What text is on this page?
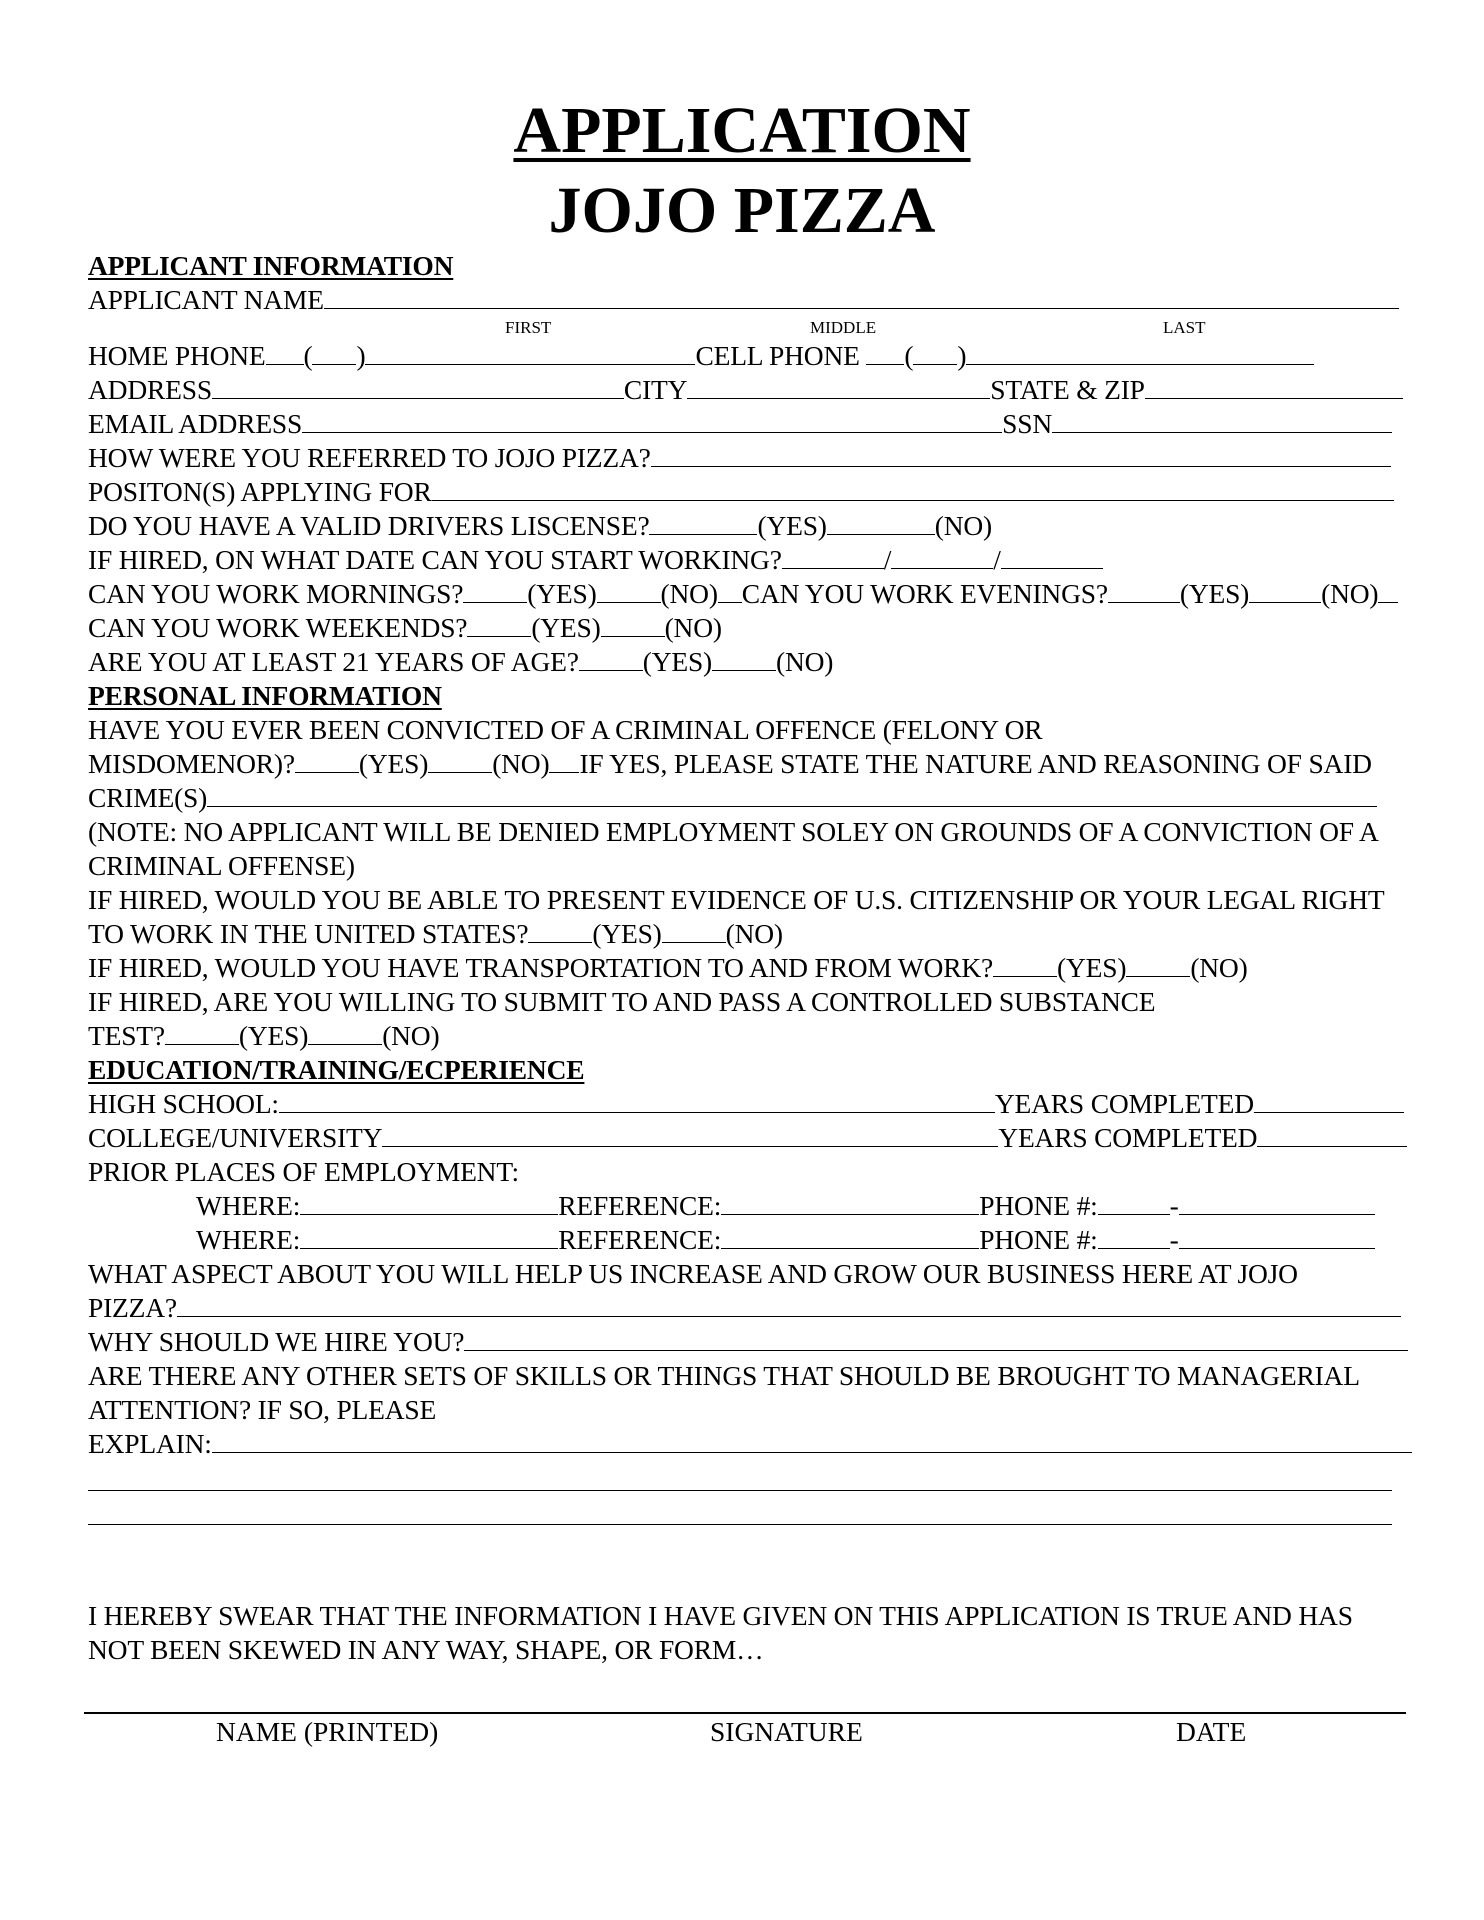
APPLICATION
JOJO PIZZA
APPLICANT INFORMATION
APPLICANT NAME
FIRST	MIDDLE	LAST
HOME PHONE ( )	CELL PHONE ( )
ADDRESS	CITY	STATE & ZIP
EMAIL ADDRESS	SSN
HOW WERE YOU REFERRED TO JOJO PIZZA?
POSITON(S) APPLYING FOR
DO YOU HAVE A VALID DRIVERS LISCENSE?	(YES)	(NO)
IF HIRED, ON WHAT DATE CAN YOU START WORKING?	/	/
CAN YOU WORK MORNINGS? (YES) (NO) CAN YOU WORK EVENINGS?	(YES)	(NO)
CAN YOU WORK WEEKENDS? (YES) (NO)
ARE YOU AT LEAST 21 YEARS OF AGE? (YES) (NO)
PERSONAL INFORMATION
HAVE YOU EVER BEEN CONVICTED OF A CRIMINAL OFFENCE (FELONY OR
MISDOMENOR)? (YES) (NO) IF YES, PLEASE STATE THE NATURE AND REASONING OF SAID
CRIME(S)
(NOTE: NO APPLICANT WILL BE DENIED EMPLOYMENT SOLEY ON GROUNDS OF A CONVICTION OF A
CRIMINAL OFFENSE)
IF HIRED, WOULD YOU BE ABLE TO PRESENT EVIDENCE OF U.S. CITIZENSHIP OR YOUR LEGAL RIGHT
TO WORK IN THE UNITED STATES? (YES) (NO)
IF HIRED, WOULD YOU HAVE TRANSPORTATION TO AND FROM WORK? (YES) (NO)
IF HIRED, ARE YOU WILLING TO SUBMIT TO AND PASS A CONTROLLED SUBSTANCE
TEST?	(YES)	(NO)
EDUCATION/TRAINING/ECPERIENCE
HIGH SCHOOL:	YEARS COMPLETED
COLLEGE/UNIVERSITY	YEARS COMPLETED
PRIOR PLACES OF EMPLOYMENT:
WHERE:	REFERENCE:	PHONE #:	-
WHERE:	REFERENCE:	PHONE #:	-
WHAT ASPECT ABOUT YOU WILL HELP US INCREASE AND GROW OUR BUSINESS HERE AT JOJO
PIZZA?
WHY SHOULD WE HIRE YOU?
ARE THERE ANY OTHER SETS OF SKILLS OR THINGS THAT SHOULD BE BROUGHT TO MANAGERIAL
ATTENTION? IF SO, PLEASE
EXPLAIN:
I HEREBY SWEAR THAT THE INFORMATION I HAVE GIVEN ON THIS APPLICATION IS TRUE AND HAS
NOT BEEN SKEWED IN ANY WAY, SHAPE, OR FORM…
NAME (PRINTED)	SIGNATURE	DATE
